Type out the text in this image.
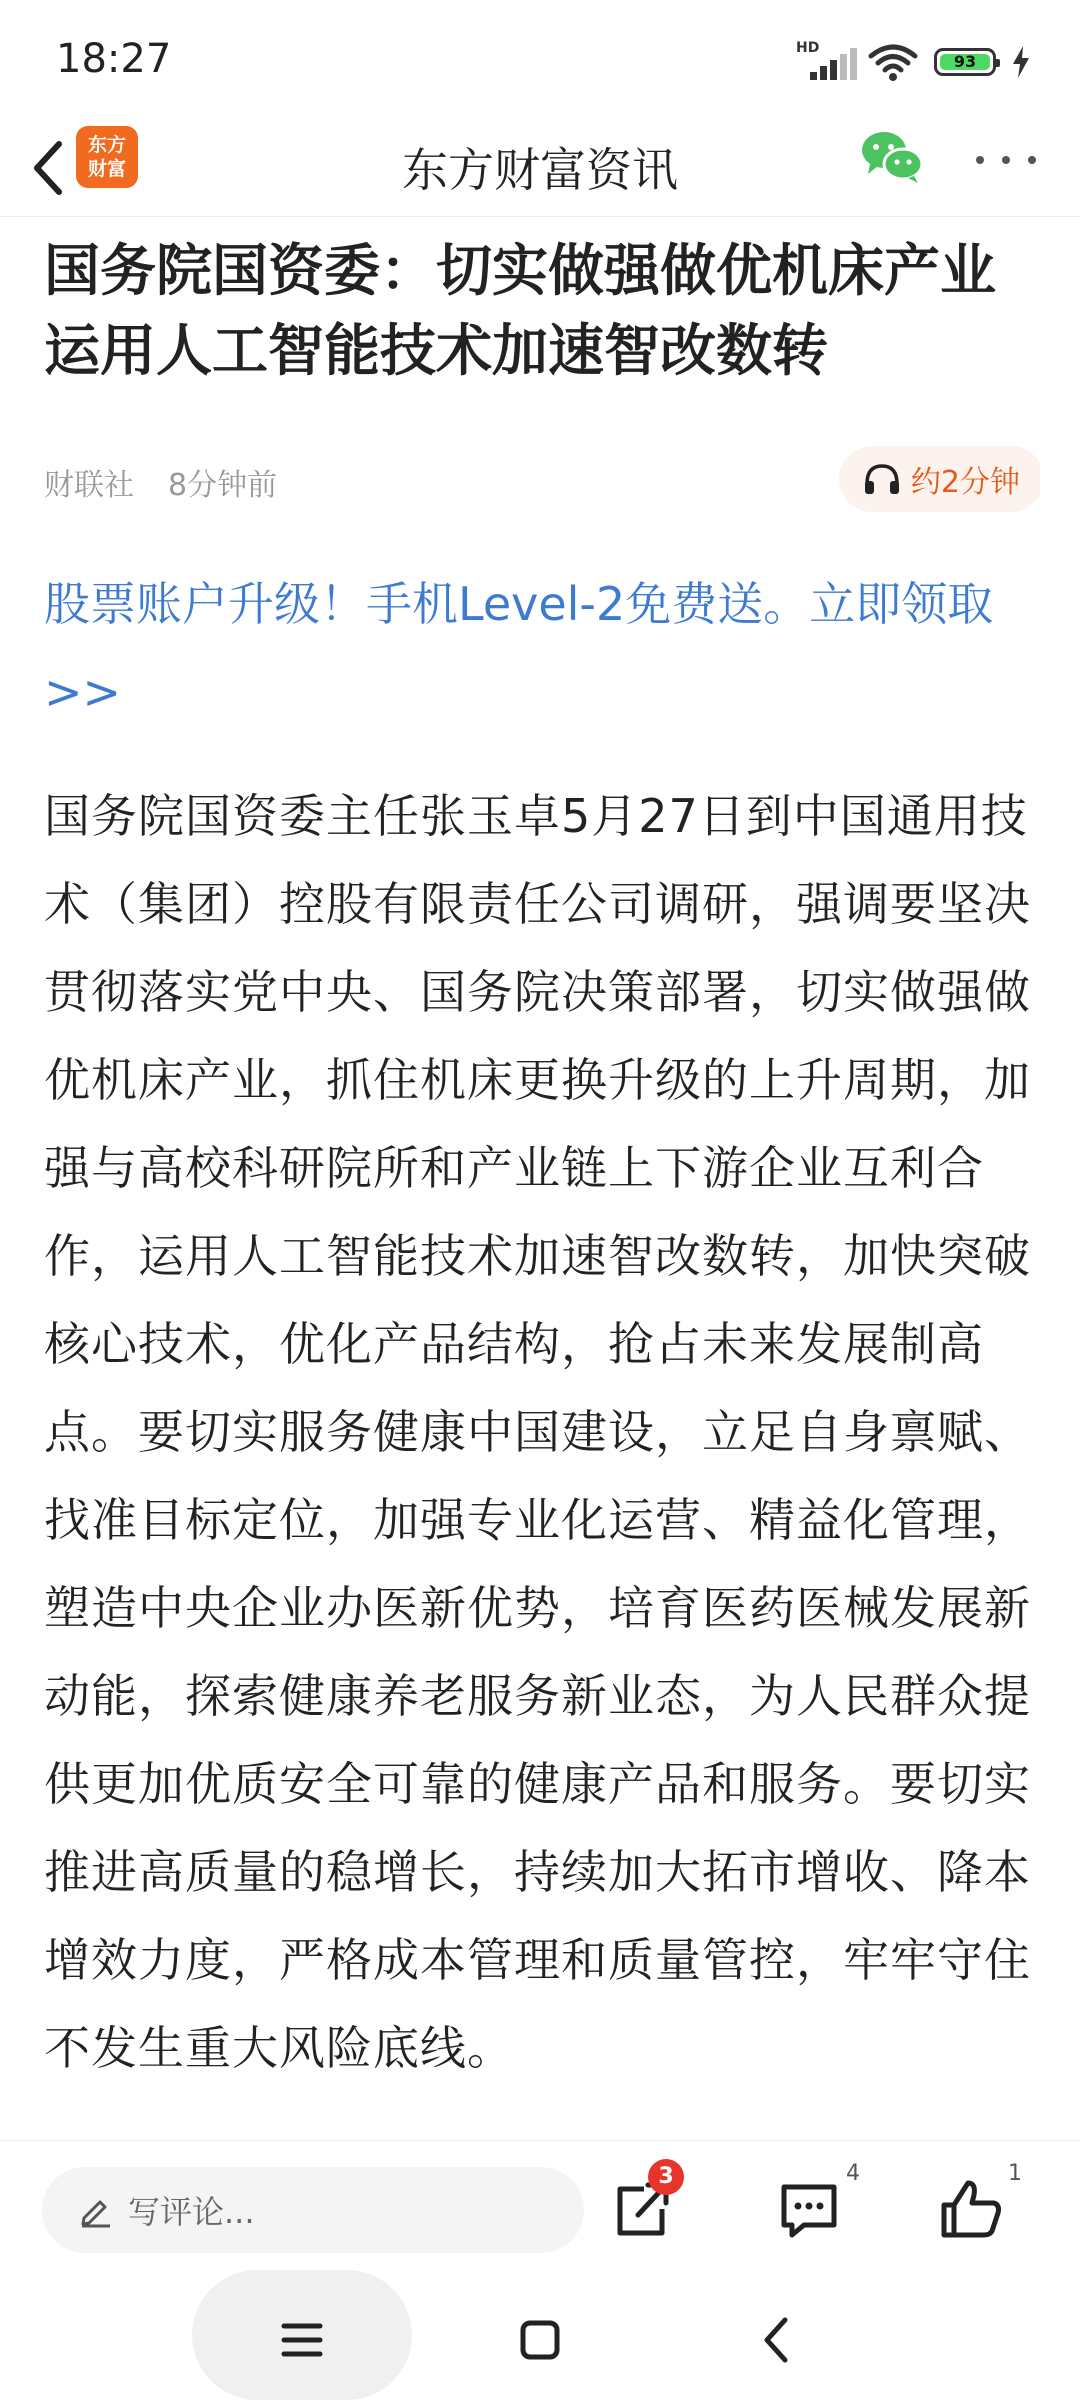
18:27	HD
93
东方
财富	东方财富资讯
国务院国资委：切实做强做优机床产业 运用人工智能技术加速智改数转
财联社 8分钟前	约2分钟
股票账户升级！手机Level-2免费送。立即领取>>
国务院国资委主任张玉卓5月27日到中国通用技术（集团）控股有限责任公司调研，强调要坚决贯彻落实党中央、国务院决策部署，切实做强做优机床产业，抓住机床更换升级的上升周期，加强与高校科研院所和产业链上下游企业互利合作，运用人工智能技术加速智改数转，加快突破核心技术，优化产品结构，抢占未来发展制高点。要切实服务健康中国建设，立足自身禀赋、找准目标定位，加强专业化运营、精益化管理，塑造中央企业办医新优势，培育医药医械发展新动能，探索健康养老服务新业态，为人民群众提供更加优质安全可靠的健康产品和服务。要切实推进高质量的稳增长，持续加大拓市增收、降本增效力度，严格成本管理和质量管控，牢牢守住不发生重大风险底线。
写评论...
3	4	1
